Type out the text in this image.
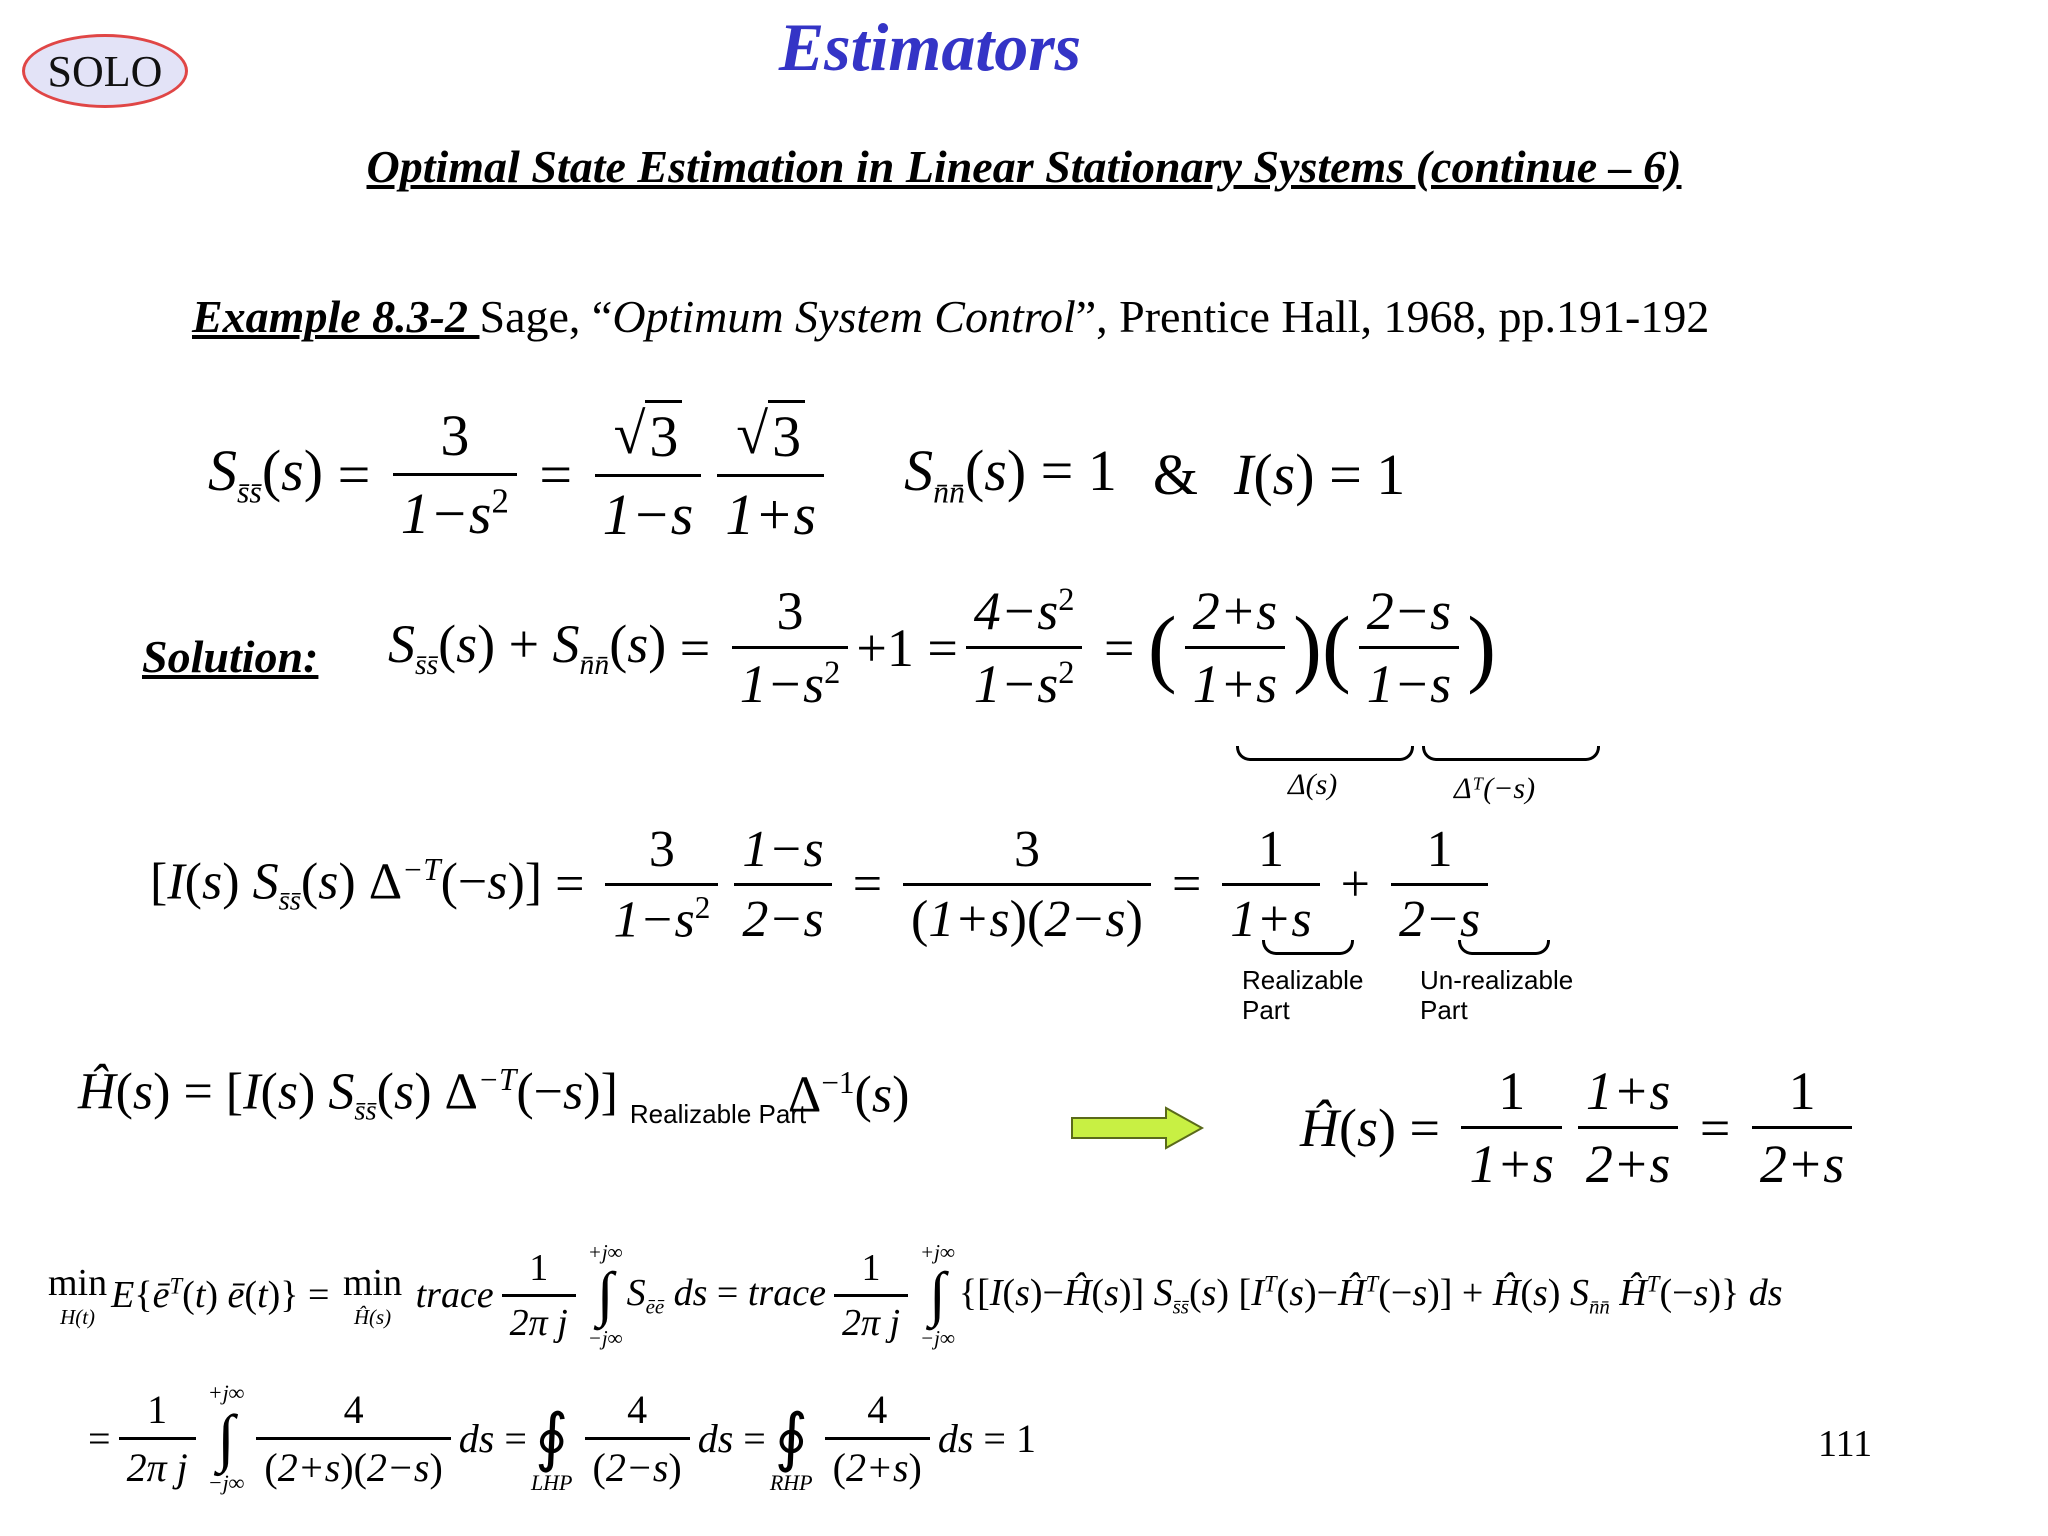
SOLO	Estimators
Optimal State Estimation in Linear Stationary Systems (continue – 6)
Example 8.3-2 Sage, “Optimum System Control”, Prentice Hall, 1968, pp.191-192
$S_{s̄s̄}(s) = \frac{3}{1-s^2} = \frac{√ 3}{1-s} \frac{√ 3}{1+s} S_{n̄n̄}(s) = 1$ & I(s) = 1
Solution: $S_{s̄s̄}(s) + S_{n̄n̄}(s) = \frac{3}{1-s^2} +1 = \frac{4-s^2}{1-s^2}$ = ( $\frac{2+s}{1+s}$ ) ( $\frac{2-s}{1-s}$ )
Δ(s)	Δᵀ(−s)
[I(s) $S_{s̄s̄}(s) \Delta^{-T}(-s)] = \frac{3}{1-s^2} \frac{1-s}{2-s} = \frac{3}{(1+s)(2-s)} = \frac{1}{1+s} + \frac{1}{2-s}$
Realizable Part
Un-realizable Part
Ĥ(s) = [I(s) $S_{s̄s̄}(s)$ $\Delta^{-T}(-s)$] Realizable Part
$\Delta^{-1}(s)$
Ĥ(s) = $\frac{1}{1+s} \frac{1+s}{2+s} = \frac{1}{2+s}$
min
H(t)
$E\{ē^T(t)$ ē(t)} = min
Ĥ(s)
trace $\frac{1}{\text{2π j}} +j\infty$
∫
−j∞
$S_{ēē}$ ds = trace $\frac{1}{\text{2π j}} +j\infty$
∫
−j∞
{[I(s)−Ĥ(s)] $S_{s̄s̄}(s)$ $[I^T(s)-Ĥ^T(-s)]$ + Ĥ(s) $S_{n̄n̄}$ $Ĥ^T(-s)$} ds
= $\frac{1}{\text{2π j}} +j\infty$
∫
$-j\infty \frac{4}{(2+s)(2-s)}$ ds =
∮
LHP $\frac{4}{(2-s)}$ ds =
∮
RHP $\frac{4}{(2+s)}$ ds = 1	111
